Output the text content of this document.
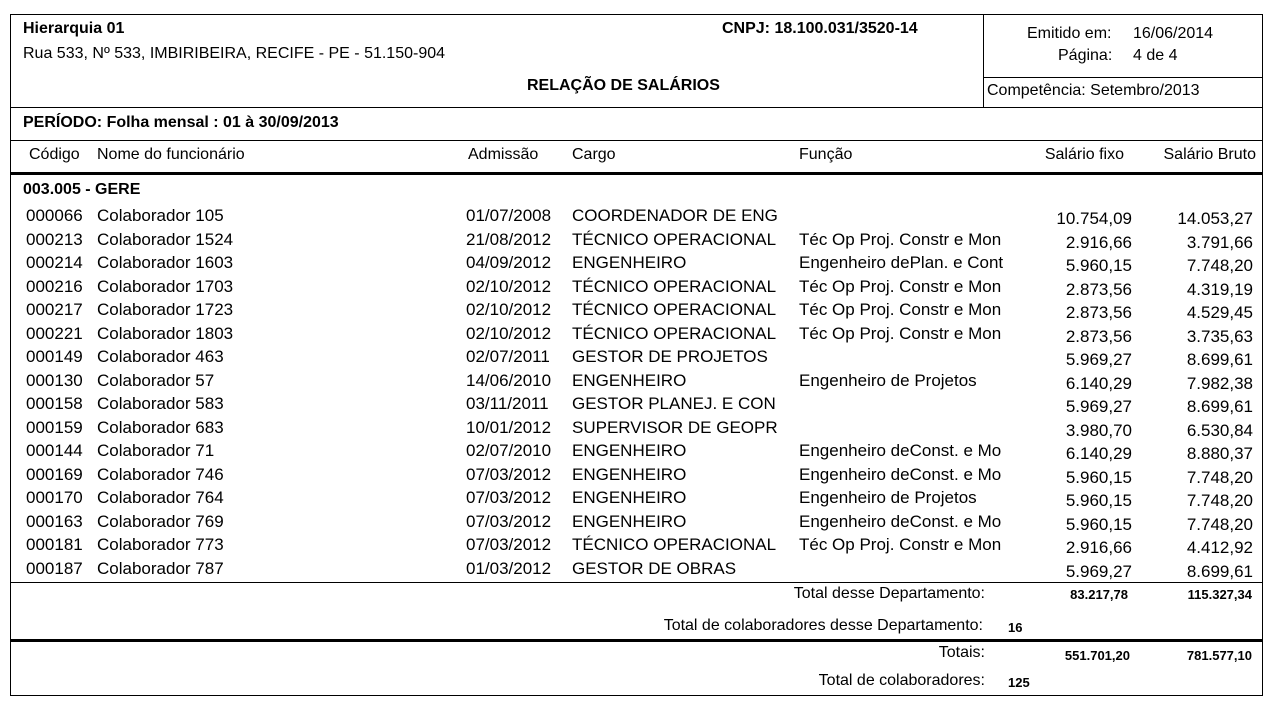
Hierarquia 01
Rua 533, Nº 533, IMBIRIBEIRA, RECIFE - PE - 51.150-904
CNPJ: 18.100.031/3520-14
RELAÇÃO DE SALÁRIOS
Emitido em: 16/06/2014
Página: 4 de 4
Competência: Setembro/2013
PERÍODO: Folha mensal : 01 à 30/09/2013
Código Nome do funcionário	Admissão Cargo	Função	Salário fixo	Salário Bruto
003.005 - GERE
000066 Colaborador 105	01/07/2008 COORDENADOR DE ENG	10.754,09	14.053,27
000213 Colaborador 1524	21/08/2012 TÉCNICO OPERACIONAL	Téc Op Proj. Constr e Mon	2.916,66	3.791,66
000214 Colaborador 1603	04/09/2012 ENGENHEIRO	Engenheiro dePlan. e Cont	5.960,15	7.748,20
000216 Colaborador 1703	02/10/2012 TÉCNICO OPERACIONAL	Téc Op Proj. Constr e Mon	2.873,56	4.319,19
000217 Colaborador 1723	02/10/2012 TÉCNICO OPERACIONAL	Téc Op Proj. Constr e Mon	2.873,56	4.529,45
000221 Colaborador 1803	02/10/2012 TÉCNICO OPERACIONAL	Téc Op Proj. Constr e Mon	2.873,56	3.735,63
000149 Colaborador 463	02/07/2011 GESTOR DE PROJETOS	5.969,27	8.699,61
000130 Colaborador 57	14/06/2010 ENGENHEIRO	Engenheiro de Projetos	6.140,29	7.982,38
000158 Colaborador 583	03/11/2011 GESTOR PLANEJ. E CON	5.969,27	8.699,61
000159 Colaborador 683	10/01/2012 SUPERVISOR DE GEOPR	3.980,70	6.530,84
000144 Colaborador 71	02/07/2010 ENGENHEIRO	Engenheiro deConst. e Mo	6.140,29	8.880,37
000169 Colaborador 746	07/03/2012 ENGENHEIRO	Engenheiro deConst. e Mo	5.960,15	7.748,20
000170 Colaborador 764	07/03/2012 ENGENHEIRO	Engenheiro de Projetos	5.960,15	7.748,20
000163 Colaborador 769	07/03/2012 ENGENHEIRO	Engenheiro deConst. e Mo	5.960,15	7.748,20
000181 Colaborador 773	07/03/2012 TÉCNICO OPERACIONAL	Téc Op Proj. Constr e Mon	2.916,66	4.412,92
000187 Colaborador 787	01/03/2012 GESTOR DE OBRAS	5.969,27	8.699,61
Total desse Departamento:	83.217,78	115.327,34
Total de colaboradores desse Departamento: 16
Totais:	551.701,20	781.577,10
Total de colaboradores: 125
